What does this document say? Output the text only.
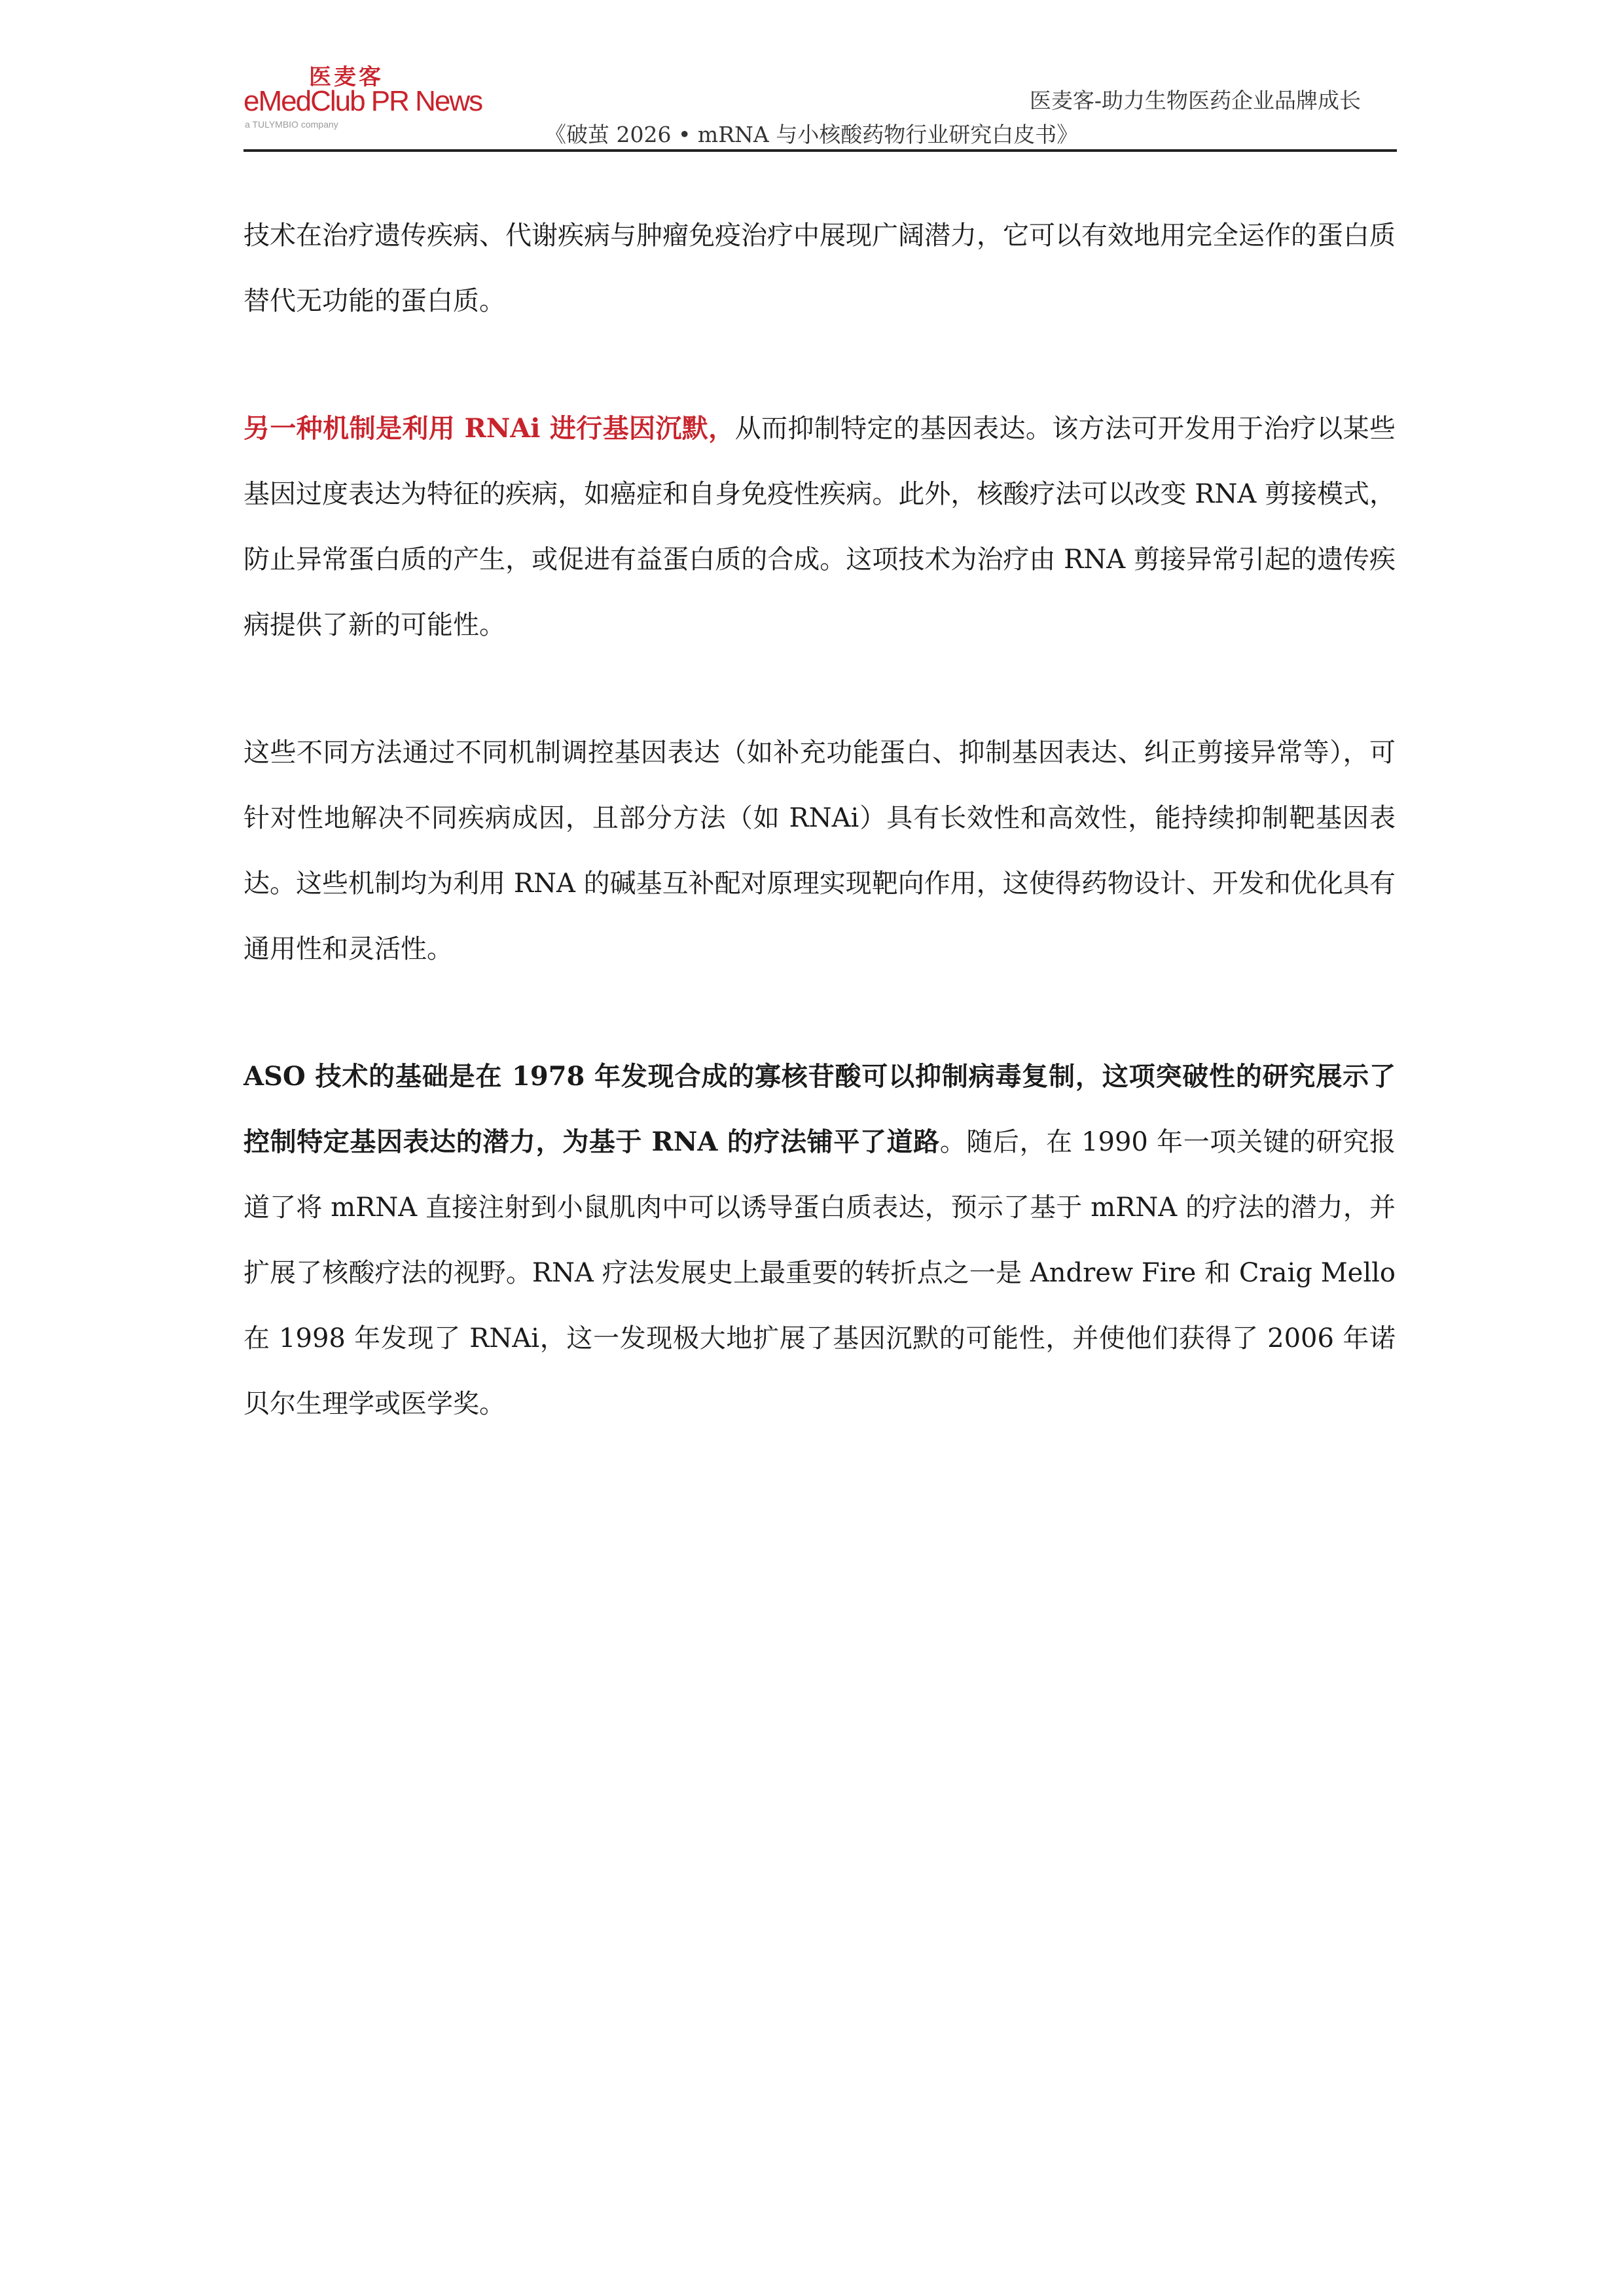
医麦客
eMedClub PR News
a TULYMBIO company
医麦客-助力生物医药企业品牌成长
《破茧 2026 • mRNA 与小核酸药物行业研究白皮书》

技术在治疗遗传疾病、代谢疾病与肿瘤免疫治疗中展现广阔潜力，它可以有效地用完全运作的蛋白质替代无功能的蛋白质。

另一种机制是利用 RNAi 进行基因沉默，从而抑制特定的基因表达。该方法可开发用于治疗以某些基因过度表达为特征的疾病，如癌症和自身免疫性疾病。此外，核酸疗法可以改变 RNA 剪接模式，防止异常蛋白质的产生，或促进有益蛋白质的合成。这项技术为治疗由 RNA 剪接异常引起的遗传疾病提供了新的可能性。

这些不同方法通过不同机制调控基因表达（如补充功能蛋白、抑制基因表达、纠正剪接异常等），可针对性地解决不同疾病成因，且部分方法（如 RNAi）具有长效性和高效性，能持续抑制靶基因表达。这些机制均为利用 RNA 的碱基互补配对原理实现靶向作用，这使得药物设计、开发和优化具有通用性和灵活性。

ASO 技术的基础是在 1978 年发现合成的寡核苷酸可以抑制病毒复制，这项突破性的研究展示了控制特定基因表达的潜力，为基于 RNA 的疗法铺平了道路。随后，在 1990 年一项关键的研究报道了将 mRNA 直接注射到小鼠肌肉中可以诱导蛋白质表达，预示了基于 mRNA 的疗法的潜力，并扩展了核酸疗法的视野。RNA 疗法发展史上最重要的转折点之一是 Andrew Fire 和 Craig Mello 在 1998 年发现了 RNAi，这一发现极大地扩展了基因沉默的可能性，并使他们获得了 2006 年诺贝尔生理学或医学奖。
